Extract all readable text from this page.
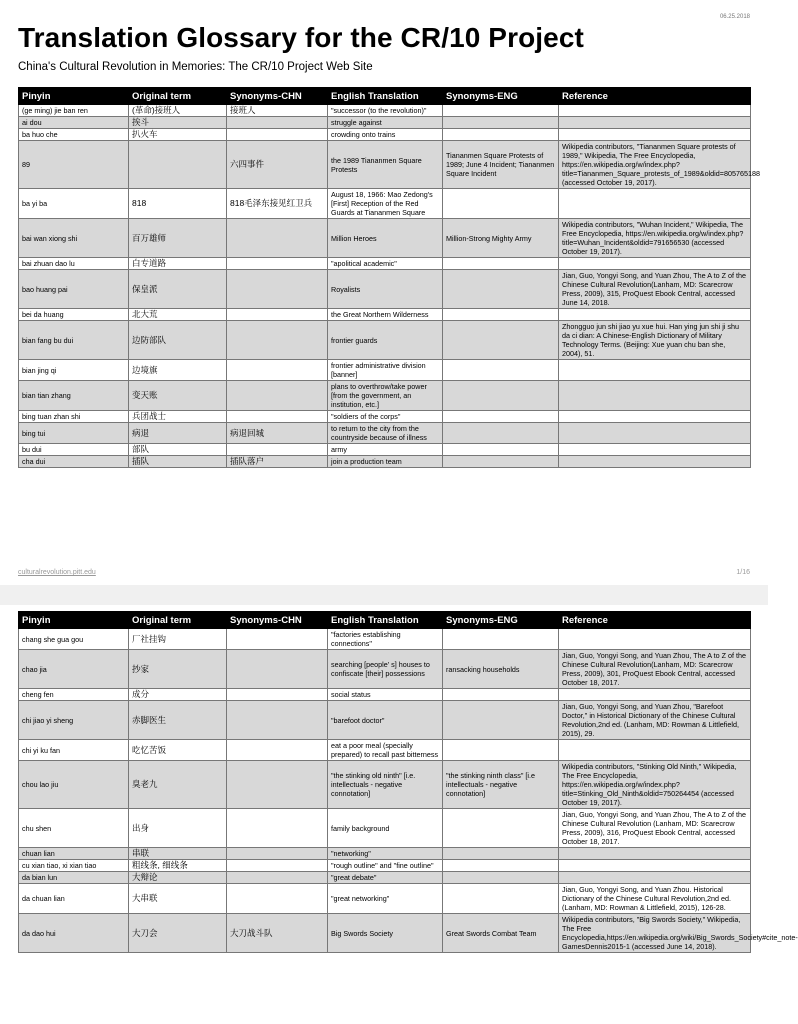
06.25.2018
Translation Glossary for the CR/10 Project
China's Cultural Revolution in Memories: The CR/10 Project Web Site
Pinyin	Original term	Synonyms-CHN	English Translation	Synonyms-ENG	Reference
(ge ming) jie ban ren	(革命)接班人	接班人	"successor (to the revolution)"		
ai dou	挨斗		struggle against		
ba huo che	扒火车		crowding onto trains		
89		六四事件	the 1989 Tiananmen Square Protests	Tiananmen Square Protests of 1989; June 4 Incident; Tiananmen Square Incident	Wikipedia contributors, "Tiananmen Square protests of 1989," Wikipedia, The Free Encyclopedia, https://en.wikipedia.org/w/index.php?title=Tiananmen_Square_protests_of_1989&oldid=805765188 (accessed October 19, 2017).
ba yi ba	818	818毛泽东接见红卫兵	August 18, 1966: Mao Zedong's [First] Reception of the Red Guards at Tiananmen Square		
bai wan xiong shi	百万雄师		Million Heroes	Million-Strong Mighty Army	Wikipedia contributors, "Wuhan Incident," Wikipedia, The Free Encyclopedia, https://en.wikipedia.org/w/index.php?title=Wuhan_Incident&oldid=791656530 (accessed October 19, 2017).
bai zhuan dao lu	白专道路		"apolitical academic"		
bao huang pai	保皇派		Royalists		Jian, Guo, Yongyi Song, and Yuan Zhou, The A to Z of the Chinese Cultural Revolution(Lanham, MD: Scarecrow Press, 2009), 315, ProQuest Ebook Central, accessed June 14, 2018.
bei da huang	北大荒		the Great Northern Wilderness		
bian fang bu dui	边防部队		frontier guards		Zhongguo jun shi jiao yu xue hui. Han ying jun shi ji shu da ci dian: A Chinese-English Dictionary of Military Technology Terms. (Beijing: Xue yuan chu ban she, 2004), 51.
bian jing qi	边境旗		frontier administrative division [banner]		
bian tian zhang	变天账		plans to overthrow/take power [from the government, an institution, etc.]		
bing tuan zhan shi	兵团战士		"soldiers of the corps"		
bing tui	病退	病退回城	to return to the city from the countryside because of illness		
bu dui	部队		army		
cha dui	插队	插队落户	join a production team		
culturalrevolution.pitt.edu	1/16
Pinyin	Original term	Synonyms-CHN	English Translation	Synonyms-ENG	Reference
chang she gua gou	厂社挂钩		"factories establishing connections"		
chao jia	抄家		searching [people' s] houses to confiscate [their] possessions	ransacking households	Jian, Guo, Yongyi Song, and Yuan Zhou, The A to Z of the Chinese Cultural Revolution(Lanham, MD: Scarecrow Press, 2009), 301, ProQuest Ebook Central, accessed October 18, 2017.
cheng fen	成分		social status		
chi jiao yi sheng	赤脚医生		"barefoot doctor"		Jian, Guo, Yongyi Song, and Yuan Zhou, "Barefoot Doctor," in Historical Dictionary of the Chinese Cultural Revolution,2nd ed. (Lanham, MD: Rowman & Littlefield, 2015), 29.
chi yi ku fan	吃忆苦饭		eat a poor meal (specially prepared) to recall past bitterness		
chou lao jiu	臭老九		"the stinking old ninth" [i.e. intellectuals - negative connotation]	"the stinking ninth class" [i.e intellectuals - negative connotation]	Wikipedia contributors, "Stinking Old Ninth," Wikipedia, The Free Encyclopedia, https://en.wikipedia.org/w/index.php?title=Stinking_Old_Ninth&oldid=750264454 (accessed October 19, 2017).
chu shen	出身		family background		Jian, Guo, Yongyi Song, and Yuan Zhou, The A to Z of the Chinese Cultural Revolution (Lanham, MD: Scarecrow Press, 2009), 316, ProQuest Ebook Central, accessed October 18, 2017.
chuan lian	串联		"networking"		
cu xian tiao, xi xian tiao	粗线条, 细线条		"rough outline" and "fine outline"		
da bian lun	大辩论		"great debate"		
da chuan lian	大串联		"great networking"		Jian, Guo, Yongyi Song, and Yuan Zhou. Historical Dictionary of the Chinese Cultural Revolution,2nd ed. (Lanham, MD: Rowman & Littlefield, 2015), 126-28.
da dao hui	大刀会	大刀战斗队	Big Swords Society	Great Swords Combat Team	Wikipedia contributors, "Big Swords Society," Wikipedia, The Free Encyclopedia,https://en.wikipedia.org/wiki/Big_Swords_Society#cite_note-GamesDennis2015-1 (accessed June 14, 2018).
